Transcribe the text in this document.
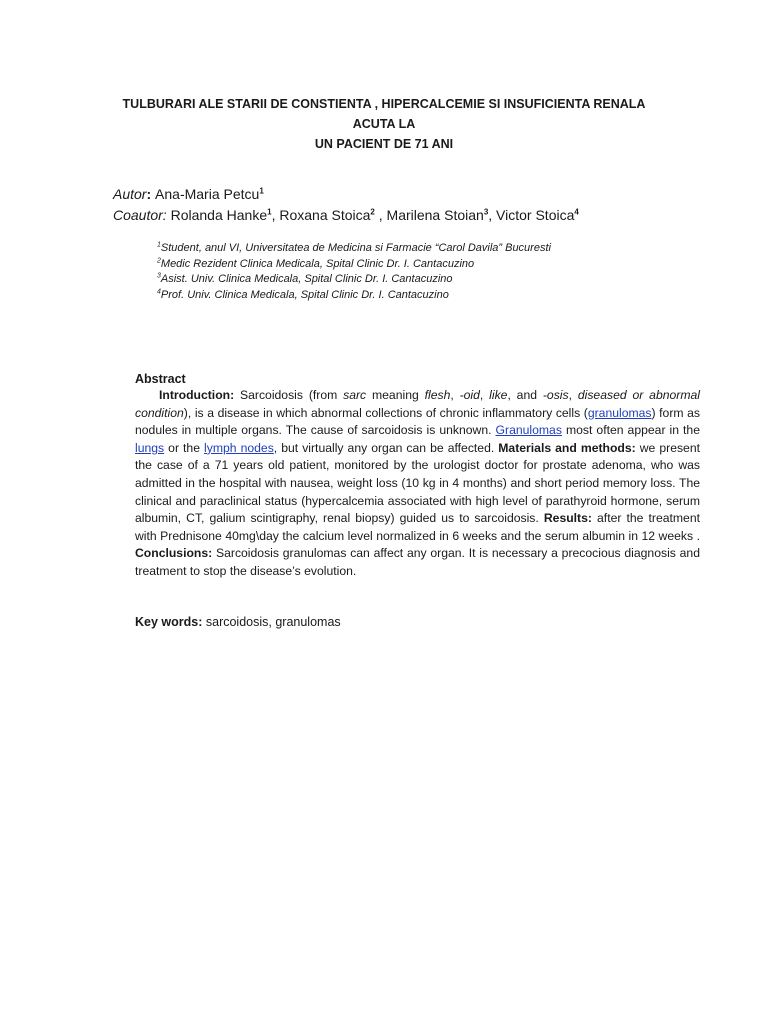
TULBURARI ALE STARII DE CONSTIENTA , HIPERCALCEMIE SI INSUFICIENTA RENALA ACUTA LA
UN PACIENT DE 71 ANI
Autor: Ana-Maria Petcu$^1$
Coautor: Rolanda Hanke$^1$, Roxana Stoica$^2$ , Marilena Stoian$^3$, Victor Stoica$^4$
$^1$Student, anul VI, Universitatea de Medicina si Farmacie “Carol Davila” Bucuresti
$^2$Medic Rezident Clinica Medicala, Spital Clinic Dr. I. Cantacuzino
$^3$Asist. Univ. Clinica Medicala, Spital Clinic Dr. I. Cantacuzino
$^4$Prof. Univ. Clinica Medicala, Spital Clinic Dr. I. Cantacuzino
Abstract
Introduction: Sarcoidosis (from sarc meaning flesh, -oid, like, and -osis, diseased or abnormal condition), is a disease in which abnormal collections of chronic inflammatory cells (granulomas) form as nodules in multiple organs. The cause of sarcoidosis is unknown. Granulomas most often appear in the lungs or the lymph nodes, but virtually any organ can be affected. Materials and methods: we present the case of a 71 years old patient, monitored by the urologist doctor for prostate adenoma, who was admitted in the hospital with nausea, weight loss (10 kg in 4 months) and short period memory loss. The clinical and paraclinical status (hypercalcemia associated with high level of parathyroid hormone, serum albumin, CT, galium scintigraphy, renal biopsy) guided us to sarcoidosis. Results: after the treatment with Prednisone 40mg\day the calcium level normalized in 6 weeks and the serum albumin in 12 weeks . Conclusions: Sarcoidosis granulomas can affect any organ. It is necessary a precocious diagnosis and treatment to stop the disease’s evolution.
Key words: sarcoidosis, granulomas
